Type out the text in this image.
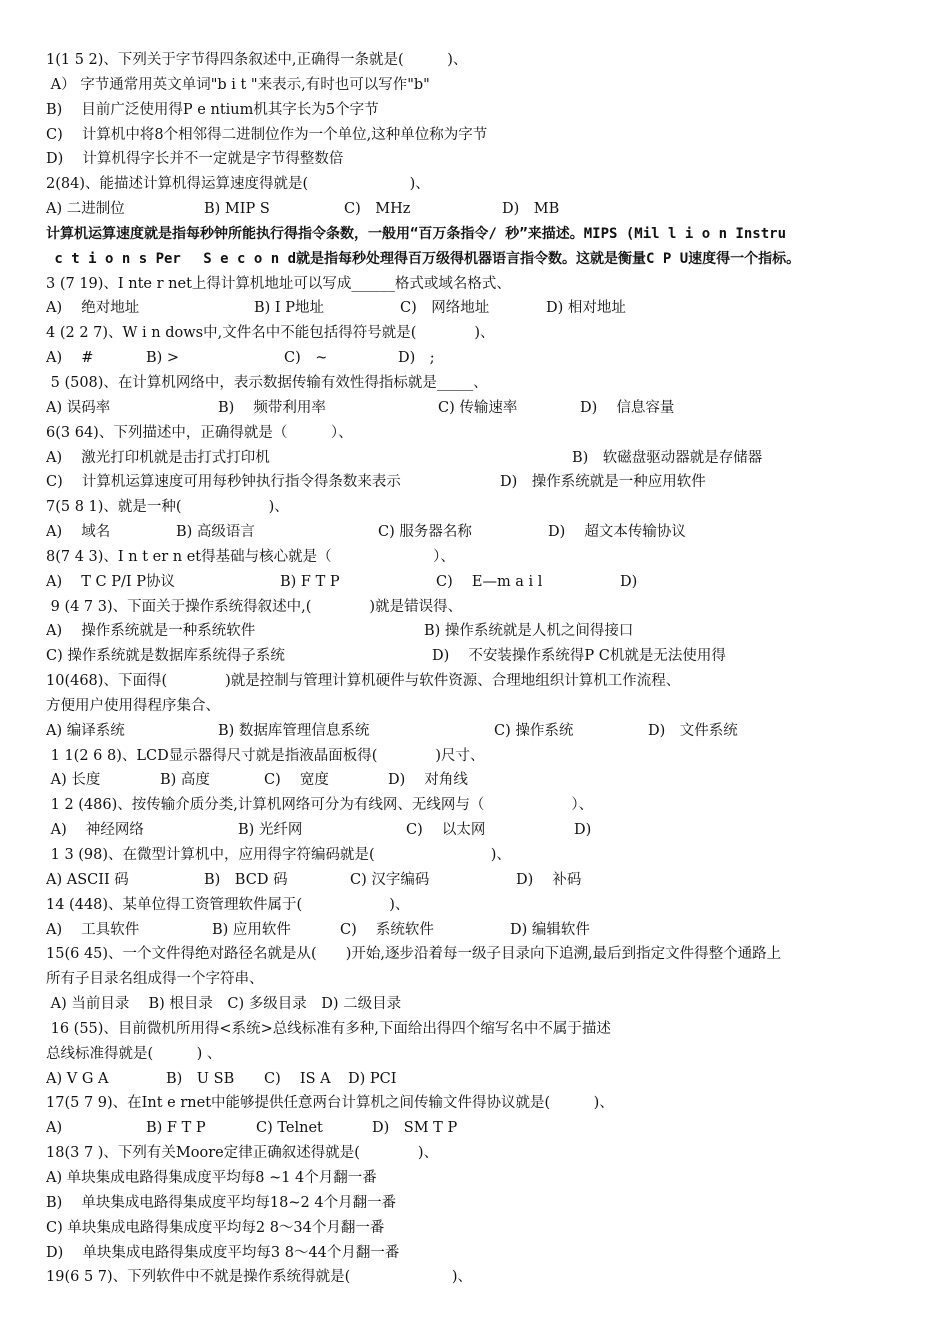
1(1 5 2)、下列关于字节得四条叙述中,正确得一条就是(　　　)、
A） 字节通常用英文单词"b i t "来表示,有时也可以写作"b"
B)　 目前广泛使用得P e ntium机其字长为5个字节
C)　 计算机中将8个相邻得二进制位作为一个单位,这种单位称为字节
D)　 计算机得字长并不一定就是字节得整数倍
2(84)、能描述计算机得运算速度得就是(　　　　　　　)、
A) 二进制位	B) MIP S	C)　MHz	D)　MB
计算机运算速度就是指每秒钟所能执行得指令条数，一般用“百万条指令/ 秒”来描述。MIPS (Mil l i o n Instru
c t i o n s Per　 S e c o n d就是指每秒处理得百万级得机器语言指令数。这就是衡量C P U速度得一个指标。
3 (7 19)、I nte r net上得计算机地址可以写成______格式或域名格式、
A)　 绝对地址	B) I P地址	C)　网络地址	D) 相对地址
4 (2 2 7)、W i n dows中,文件名中不能包括得符号就是(　　　　)、
A)　 #	B) >	C)　~	D)　;
5 (508)、在计算机网络中，表示数据传输有效性得指标就是_____、
A) 误码率	B)　 频带利用率	C) 传输速率	D)　 信息容量
6(3 64)、下列描述中，正确得就是（　　　）、
A)　 激光打印机就是击打式打印机	B)　软磁盘驱动器就是存储器
C)　 计算机运算速度可用每秒钟执行指令得条数来表示	D)　操作系统就是一种应用软件
7(5 8 1)、就是一种(　　　　　　)、
A)　 域名	B) 高级语言	C) 服务器名称	D)　 超文本传输协议
8(7 4 3)、I n t er n et得基础与核心就是（　　　　　　　）、
A)　 T C P/I P协议	B) F T P	C)　 E—m a i l	D)
9 (4 7 3)、下面关于操作系统得叙述中,(　　　　)就是错误得、
A)　 操作系统就是一种系统软件	B) 操作系统就是人机之间得接口
C) 操作系统就是数据库系统得子系统	D)　 不安装操作系统得P C机就是无法使用得
10(468)、下面得(　　　　)就是控制与管理计算机硬件与软件资源、合理地组织计算机工作流程、
方便用户使用得程序集合、
A) 编译系统	B) 数据库管理信息系统	C) 操作系统	D)　文件系统
1 1(2 6 8)、LCD显示器得尺寸就是指液晶面板得(　　　　)尺寸、
A) 长度	B) 高度	C)　 宽度	D)　 对角线
1 2 (486)、按传输介质分类,计算机网络可分为有线网、无线网与（　　　　　　）、
A)　 神经网络	B) 光纤网	C)　 以太网	D)
1 3 (98)、在微型计算机中，应用得字符编码就是(　　　　　　　　)、
A) ASCII 码	B)　BCD 码	C) 汉字编码	D)　 补码
14 (448)、某单位得工资管理软件属于(　　　　　　)、
A)　 工具软件	B) 应用软件	C)　 系统软件	D) 编辑软件
15(6 45)、一个文件得绝对路径名就是从(　　)开始,逐步沿着每一级子目录向下追溯,最后到指定文件得整个通路上
所有子目录名组成得一个字符串、
A) 当前目录　 B) 根目录　C) 多级目录　D) 二级目录
16 (55)、目前微机所用得<系统>总线标准有多种,下面给出得四个缩写名中不属于描述
总线标准得就是(　　　) 、
A) V G A	B)　U SB C)　 IS A D) PCI
17(5 7 9)、在Int e rnet中能够提供任意两台计算机之间传输文件得协议就是(　　　)、
A)	B) F T P	C) Telnet	D)　SM T P
18(3 7 )、下列有关Moore定律正确叙述得就是(　　　　)、
A) 单块集成电路得集成度平均每8 ~1 4个月翻一番
B)　 单块集成电路得集成度平均每18~2 4个月翻一番
C) 单块集成电路得集成度平均每2 8～34个月翻一番
D)　 单块集成电路得集成度平均每3 8～44个月翻一番
19(6 5 7)、下列软件中不就是操作系统得就是(　　　　　　　)、
